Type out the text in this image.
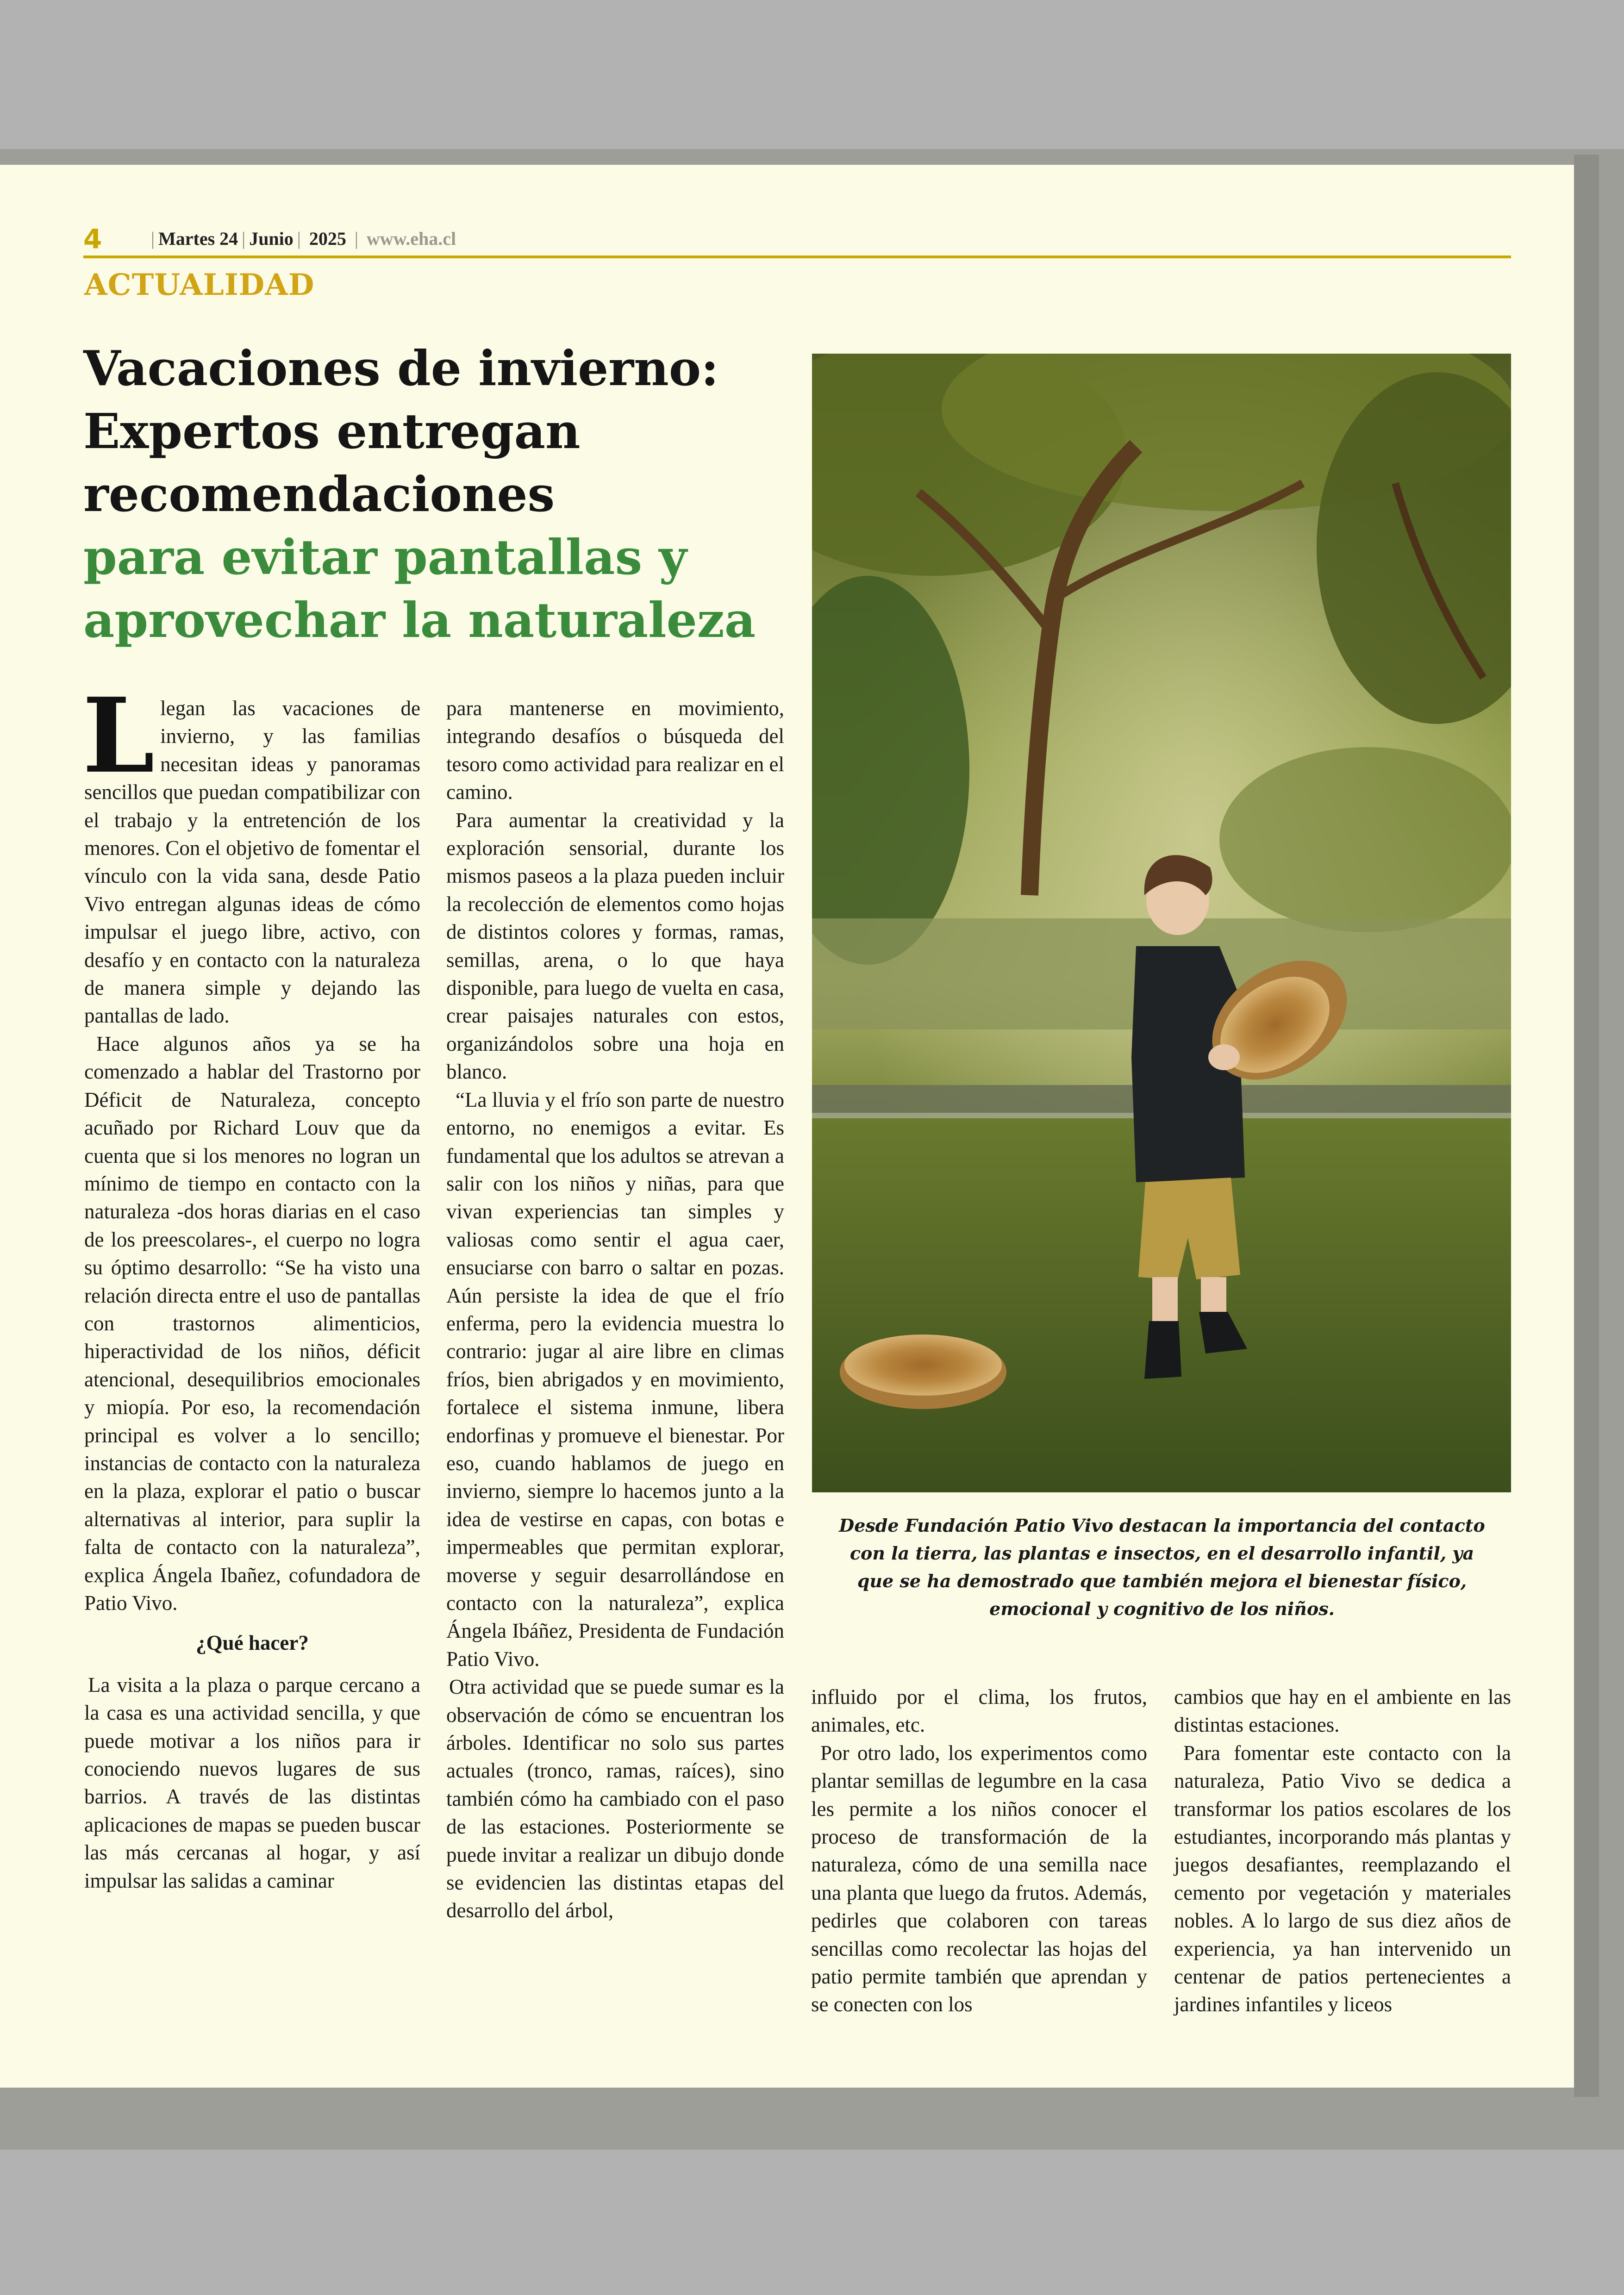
4	| Martes 24 | Junio | 2025 | www.eha.cl
ACTUALIDAD
Vacaciones de invierno:
Expertos entregan
recomendaciones
para evitar pantallas y
aprovechar la naturaleza
Desde Fundación Patio Vivo destacan la importancia del contacto con la tierra, las plantas e insectos, en el desarrollo infantil, ya que se ha demostrado que también mejora el bienestar físico, emocional y cognitivo de los niños.

Llegan las vacaciones de invierno, y las familias necesitan ideas y panoramas sencillos que puedan compatibilizar con el trabajo y la entretención de los menores. Con el objetivo de fomentar el vínculo con la vida sana, desde Patio Vivo entregan algunas ideas de cómo impulsar el juego libre, activo, con desafío y en contacto con la naturaleza de manera simple y dejando las pantallas de lado.

Hace algunos años ya se ha comenzado a hablar del Trastorno por Déficit de Naturaleza, concepto acuñado por Richard Louv que da cuenta que si los menores no logran un mínimo de tiempo en contacto con la naturaleza -dos horas diarias en el caso de los preescolares-, el cuerpo no logra su óptimo desarrollo: “Se ha visto una relación directa entre el uso de pantallas con trastornos alimenticios, hiperactividad de los niños, déficit atencional, desequilibrios emocionales y miopía. Por eso, la recomendación principal es volver a lo sencillo; instancias de contacto con la naturaleza en la plaza, explorar el patio o buscar alternativas al interior, para suplir la falta de contacto con la naturaleza”, explica Ángela Ibañez, cofundadora de Patio Vivo.

¿Qué hacer?

La visita a la plaza o parque cercano a la casa es una actividad sencilla, y que puede motivar a los niños para ir conociendo nuevos lugares de sus barrios. A través de las distintas aplicaciones de mapas se pueden buscar las más cercanas al hogar, y así impulsar las salidas a caminar

para mantenerse en movimiento, integrando desafíos o búsqueda del tesoro como actividad para realizar en el camino.

Para aumentar la creatividad y la exploración sensorial, durante los mismos paseos a la plaza pueden incluir la recolección de elementos como hojas de distintos colores y formas, ramas, semillas, arena, o lo que haya disponible, para luego de vuelta en casa, crear paisajes naturales con estos, organizándolos sobre una hoja en blanco.

“La lluvia y el frío son parte de nuestro entorno, no enemigos a evitar. Es fundamental que los adultos se atrevan a salir con los niños y niñas, para que vivan experiencias tan simples y valiosas como sentir el agua caer, ensuciarse con barro o saltar en pozas. Aún persiste la idea de que el frío enferma, pero la evidencia muestra lo contrario: jugar al aire libre en climas fríos, bien abrigados y en movimiento, fortalece el sistema inmune, libera endorfinas y promueve el bienestar. Por eso, cuando hablamos de juego en invierno, siempre lo hacemos junto a la idea de vestirse en capas, con botas e impermeables que permitan explorar, moverse y seguir desarrollándose en contacto con la naturaleza”, explica Ángela Ibáñez, Presidenta de Fundación Patio Vivo.

Otra actividad que se puede sumar es la observación de cómo se encuentran los árboles. Identificar no solo sus partes actuales (tronco, ramas, raíces), sino también cómo ha cambiado con el paso de las estaciones. Posteriormente se puede invitar a realizar un dibujo donde se evidencien las distintas etapas del desarrollo del árbol,

influido por el clima, los frutos, animales, etc.

Por otro lado, los experimentos como plantar semillas de legumbre en la casa les permite a los niños conocer el proceso de transformación de la naturaleza, cómo de una semilla nace una planta que luego da frutos. Además, pedirles que colaboren con tareas sencillas como recolectar las hojas del patio permite también que aprendan y se conecten con los

cambios que hay en el ambiente en las distintas estaciones.

Para fomentar este contacto con la naturaleza, Patio Vivo se dedica a transformar los patios escolares de los estudiantes, incorporando más plantas y juegos desafiantes, reemplazando el cemento por vegetación y materiales nobles. A lo largo de sus diez años de experiencia, ya han intervenido un centenar de patios pertenecientes a jardines infantiles y liceos
